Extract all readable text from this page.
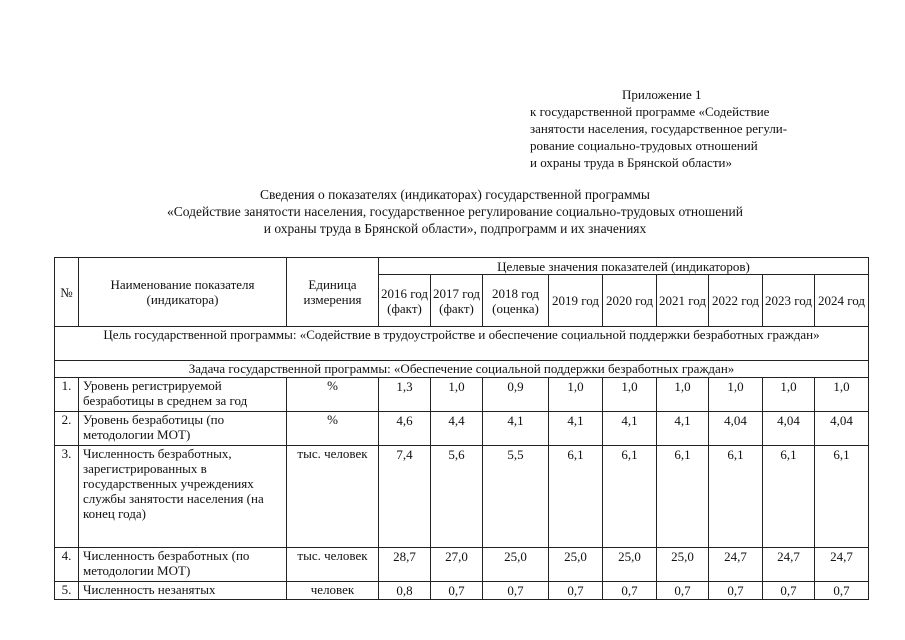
Приложение 1
к государственной программе «Содействие
занятости населения, государственное регули-
рование социально-трудовых отношений
и охраны труда в Брянской области»
Сведения о показателях (индикаторах) государственной программы
«Содействие занятости населения, государственное регулирование социально-трудовых отношений
и охраны труда в Брянской области», подпрограмм и их значениях
№	Наименование показателя (индикатора)	Единица измерения	Целевые значения показателей (индикаторов)								
			2016 год (факт)	2017 год (факт)	2018 год (оценка)	2019 год	2020 год	2021 год	2022 год	2023 год	2024 год
Цель государственной программы: «Содействие в трудоустройстве и обеспечение социальной поддержки безработных граждан»											
Задача государственной программы: «Обеспечение социальной поддержки безработных граждан»											
1.	Уровень регистрируемой безработицы в среднем за год	%	1,3	1,0	0,9	1,0	1,0	1,0	1,0	1,0	1,0
2.	Уровень безработицы (по методологии МОТ)	%	4,6	4,4	4,1	4,1	4,1	4,1	4,04	4,04	4,04
3.	Численность безработных, зарегистрированных в государственных учреждениях службы занятости населения (на конец года)	тыс. человек	7,4	5,6	5,5	6,1	6,1	6,1	6,1	6,1	6,1
4.	Численность безработных (по методологии МОТ)	тыс. человек	28,7	27,0	25,0	25,0	25,0	25,0	24,7	24,7	24,7
5.	Численность незанятых	человек	0,8	0,7	0,7	0,7	0,7	0,7	0,7	0,7	0,7
